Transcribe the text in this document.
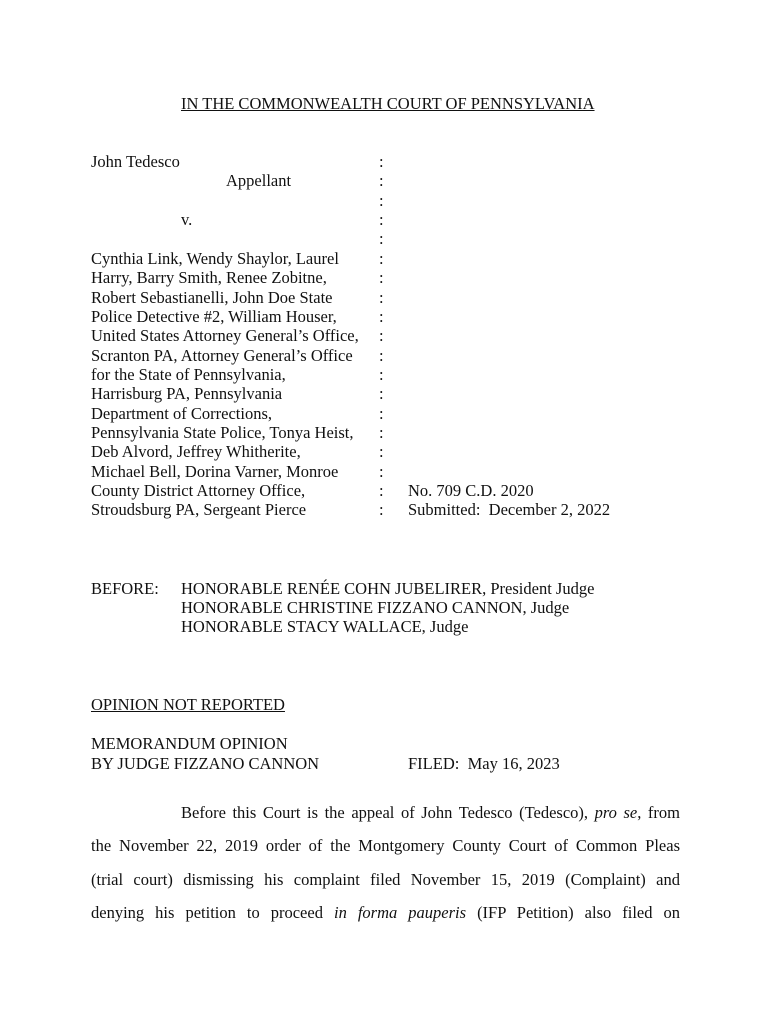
IN THE COMMONWEALTH COURT OF PENNSYLVANIA
John Tedesco
Appellant
v.
Cynthia Link, Wendy Shaylor, Laurel
Harry, Barry Smith, Renee Zobitne,
Robert Sebastianelli, John Doe State
Police Detective #2, William Houser,
United States Attorney General’s Office,
Scranton PA, Attorney General’s Office
for the State of Pennsylvania,
Harrisburg PA, Pennsylvania
Department of Corrections,
Pennsylvania State Police, Tonya Heist,
Deb Alvord, Jeffrey Whitherite,
Michael Bell, Dorina Varner, Monroe
County District Attorney Office,
Stroudsburg PA, Sergeant Pierce
:
:
:
:
:
:
:
:
:
:
:
:
:
:
:
:
:
:
:
No. 709 C.D. 2020
Submitted:  December 2, 2022
BEFORE: HONORABLE RENÉE COHN JUBELIRER, President Judge
HONORABLE CHRISTINE FIZZANO CANNON, Judge
HONORABLE STACY WALLACE, Judge
OPINION NOT REPORTED
MEMORANDUM OPINION
BY JUDGE FIZZANO CANNON	FILED:  May 16, 2023
Before this Court is the appeal of John Tedesco (Tedesco), pro se, from
the November 22, 2019 order of the Montgomery County Court of Common Pleas
(trial court) dismissing his complaint filed November 15, 2019 (Complaint) and
denying his petition to proceed in forma pauperis (IFP Petition) also filed on
